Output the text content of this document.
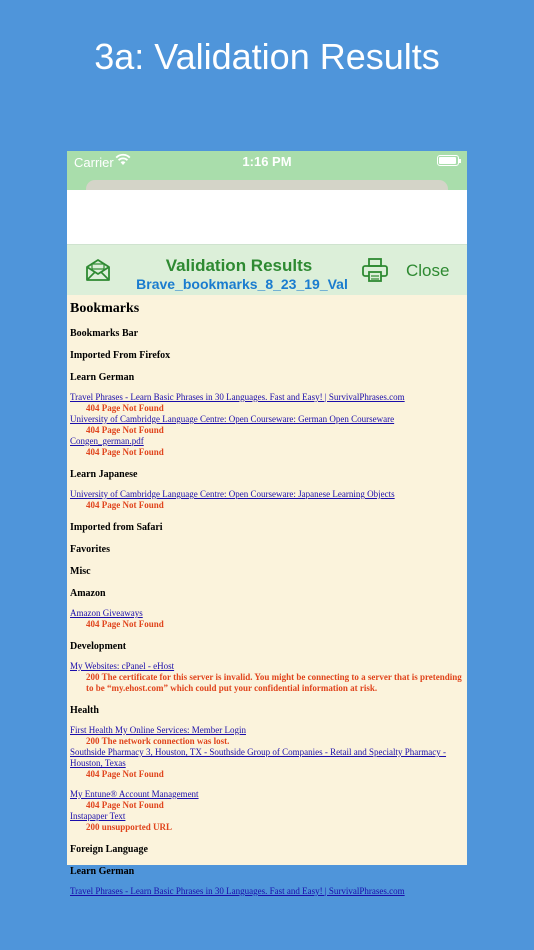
3a: Validation Results
Carrier	1:16 PM
Validation Results
Brave_bookmarks_8_23_19_Val
Close
Bookmarks
Bookmarks Bar
Imported From Firefox
Learn German
Travel Phrases - Learn Basic Phrases in 30 Languages. Fast and Easy! | SurvivalPhrases.com
404 Page Not Found
University of Cambridge Language Centre: Open Courseware: German Open Courseware
404 Page Not Found
Congen_german.pdf
404 Page Not Found
Learn Japanese
University of Cambridge Language Centre: Open Courseware: Japanese Learning Objects
404 Page Not Found
Imported from Safari
Favorites
Misc
Amazon
Amazon Giveaways
404 Page Not Found
Development
My Websites: cPanel - eHost
200 The certificate for this server is invalid. You might be connecting to a server that is pretending to be “my.ehost.com” which could put your confidential information at risk.
Health
First Health My Online Services: Member Login
200 The network connection was lost.
Southside Pharmacy 3, Houston, TX - Southside Group of Companies - Retail and Specialty Pharmacy - Houston, Texas
404 Page Not Found
My Entune® Account Management
404 Page Not Found
Instapaper Text
200 unsupported URL
Foreign Language
Learn German
Travel Phrases - Learn Basic Phrases in 30 Languages. Fast and Easy! | SurvivalPhrases.com
